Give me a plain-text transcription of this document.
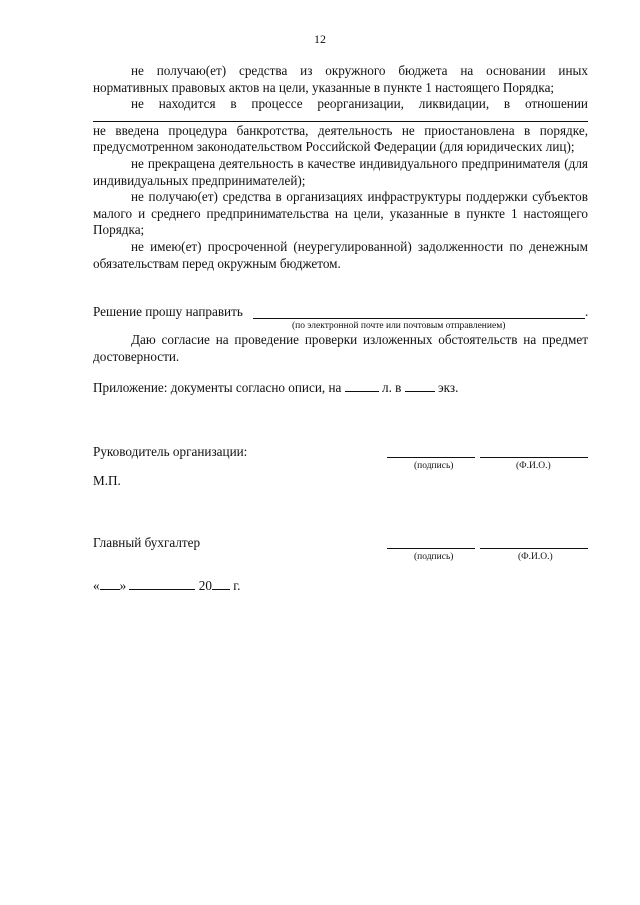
12

не получаю(ет) средства из окружного бюджета на основании иных нормативных правовых актов на цели, указанные в пункте 1 настоящего Порядка;

не находится в процессе реорганизации, ликвидации, в отношении

не введена процедура банкротства, деятельность не приостановлена в порядке, предусмотренном законодательством Российской Федерации (для юридических лиц);

не прекращена деятельность в качестве индивидуального предпринимателя (для индивидуальных предпринимателей);

не получаю(ет) средства в организациях инфраструктуры поддержки субъектов малого и среднего предпринимательства на цели, указанные в пункте 1 настоящего Порядка;

не имею(ет) просроченной (неурегулированной) задолженности по денежным обязательствам перед окружным бюджетом.

Решение прошу направить	.
(по электронной почте или почтовым отправлением)
Даю согласие на проведение проверки изложенных обстоятельств на предмет достоверности.
Приложение: документы согласно описи, на	л. в	экз.
Руководитель организации:
(подпись)	(Ф.И.О.)
М.П.
Главный бухгалтер
(подпись)	(Ф.И.О.)
« »	20 г.
